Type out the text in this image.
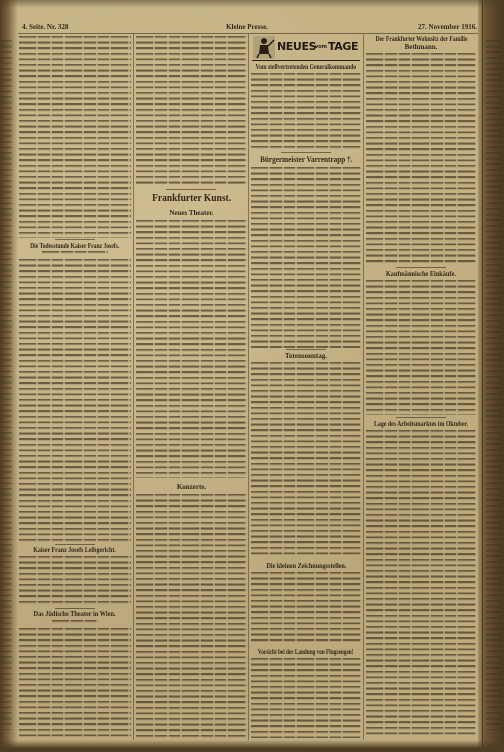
4. Seite. Nr. 328	Kleine Presse.	27. November 1916.
Die Todesstunde Kaiser Franz Josefs.
Kaiser Franz Josefs Leibgericht.
Das Jüdische Theater in Wien.
Frankfurter Kunst.
Neues Theater.
Konzerte.
NEUES
vom TAGE
Vom stellvertretenden Generalkommando
Bürgermeister Varrentrapp †.
Totensonntag.
Die kleinen Zeichnungsstellen.
Vorsicht bei der Landung von Flugzeugen!
Der Frankfurter Wohnsitz der Familie
Bethmann.
Kaufmännische Einkäufe.
Lage des Arbeitsmarktes im Oktober.
